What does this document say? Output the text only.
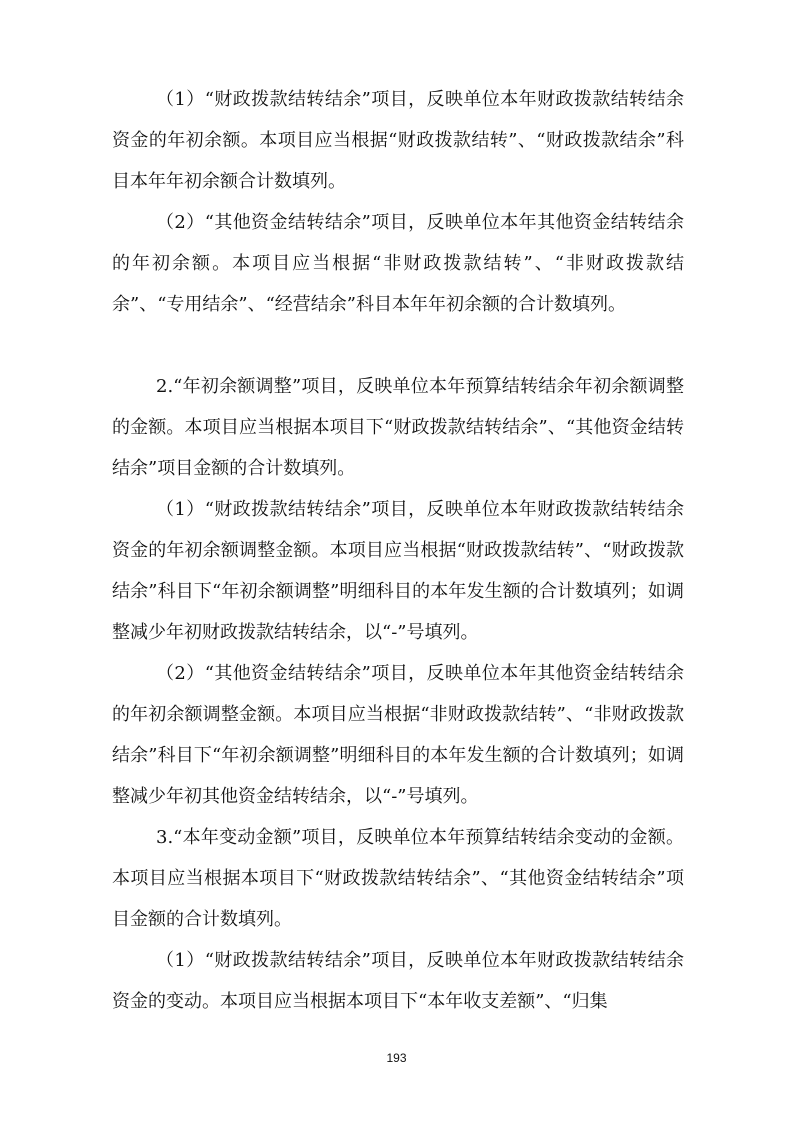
（1）“财政拨款结转结余”项目，反映单位本年财政拨款结转结余资金的年初余额。本项目应当根据“财政拨款结转”、“财政拨款结余”科目本年年初余额合计数填列。

（2）“其他资金结转结余”项目，反映单位本年其他资金结转结余的年初余额。本项目应当根据“非财政拨款结转”、“非财政拨款结余”、“专用结余”、“经营结余”科目本年年初余额的合计数填列。

2.“年初余额调整”项目，反映单位本年预算结转结余年初余额调整的金额。本项目应当根据本项目下“财政拨款结转结余”、“其他资金结转结余”项目金额的合计数填列。

（1）“财政拨款结转结余”项目，反映单位本年财政拨款结转结余资金的年初余额调整金额。本项目应当根据“财政拨款结转”、“财政拨款结余”科目下“年初余额调整”明细科目的本年发生额的合计数填列；如调整减少年初财政拨款结转结余，以“-”号填列。

（2）“其他资金结转结余”项目，反映单位本年其他资金结转结余的年初余额调整金额。本项目应当根据“非财政拨款结转”、“非财政拨款结余”科目下“年初余额调整”明细科目的本年发生额的合计数填列；如调整减少年初其他资金结转结余，以“-”号填列。

3.“本年变动金额”项目，反映单位本年预算结转结余变动的金额。本项目应当根据本项目下“财政拨款结转结余”、“其他资金结转结余”项目金额的合计数填列。

（1）“财政拨款结转结余”项目，反映单位本年财政拨款结转结余资金的变动。本项目应当根据本项目下“本年收支差额”、“归集

193
